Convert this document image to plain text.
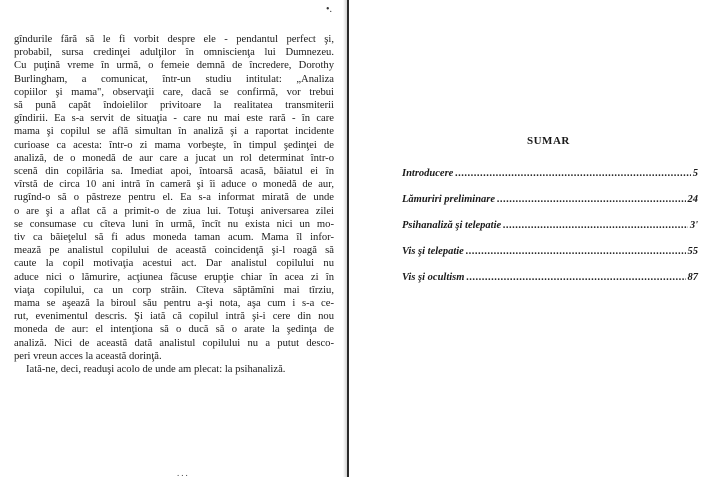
•.
gîndurile fără să le fi vorbit despre ele - pendantul perfect şi,
probabil, sursa credinţei adulţilor în omniscienţa lui Dumnezeu.
Cu puţină vreme în urmă, o femeie demnă de încredere, Dorothy
Burlingham, a comunicat, într-un studiu intitulat: „Analiza
copiilor şi mama", observaţii care, dacă se confirmă, vor trebui
să pună capăt îndoielilor privitoare la realitatea transmiterii
gîndirii. Ea s-a servit de situaţia - care nu mai este rară - în care
mama şi copilul se află simultan în analiză şi a raportat incidente
curioase ca acesta: într-o zi mama vorbeşte, în timpul şedinţei de
analiză, de o monedă de aur care a jucat un rol determinat într-o
scenă din copilăria sa. Imediat apoi, întoarsă acasă, băiatul ei în
vîrstă de circa 10 ani intră în cameră şi îi aduce o monedă de aur,
rugînd-o să o păstreze pentru el. Ea s-a informat mirată de unde
o are şi a aflat că a primit-o de ziua lui. Totuşi aniversarea zilei
se consumase cu cîteva luni în urmă, încît nu exista nici un mo-
tiv ca băieţelul să fi adus moneda taman acum. Mama îl infor-
mează pe analistul copilului de această coincidenţă şi-l roagă să
caute la copil motivaţia acestui act. Dar analistul copilului nu
aduce nici o lămurire, acţiunea făcuse erupţie chiar în acea zi în
viaţa copilului, ca un corp străin. Cîteva săptămîni mai tîrziu,
mama se aşează la biroul său pentru a-şi nota, aşa cum i s-a ce-
rut, evenimentul descris. Şi iată că copilul intră şi-i cere din nou
moneda de aur: el intenţiona să o ducă să o arate la şedinţa de
analiză. Nici de această dată analistul copilului nu a putut desco-
peri vreun acces la această dorinţă.
Iată-ne, deci, readuşi acolo de unde am plecat: la psihanaliză.
...
SUMAR
Introducere .....	5
Lămuriri preliminare .....	24
Psihanaliză şi telepatie .....	3'
Vis şi telepatie .....	55
Vis şi ocultism .....	87
